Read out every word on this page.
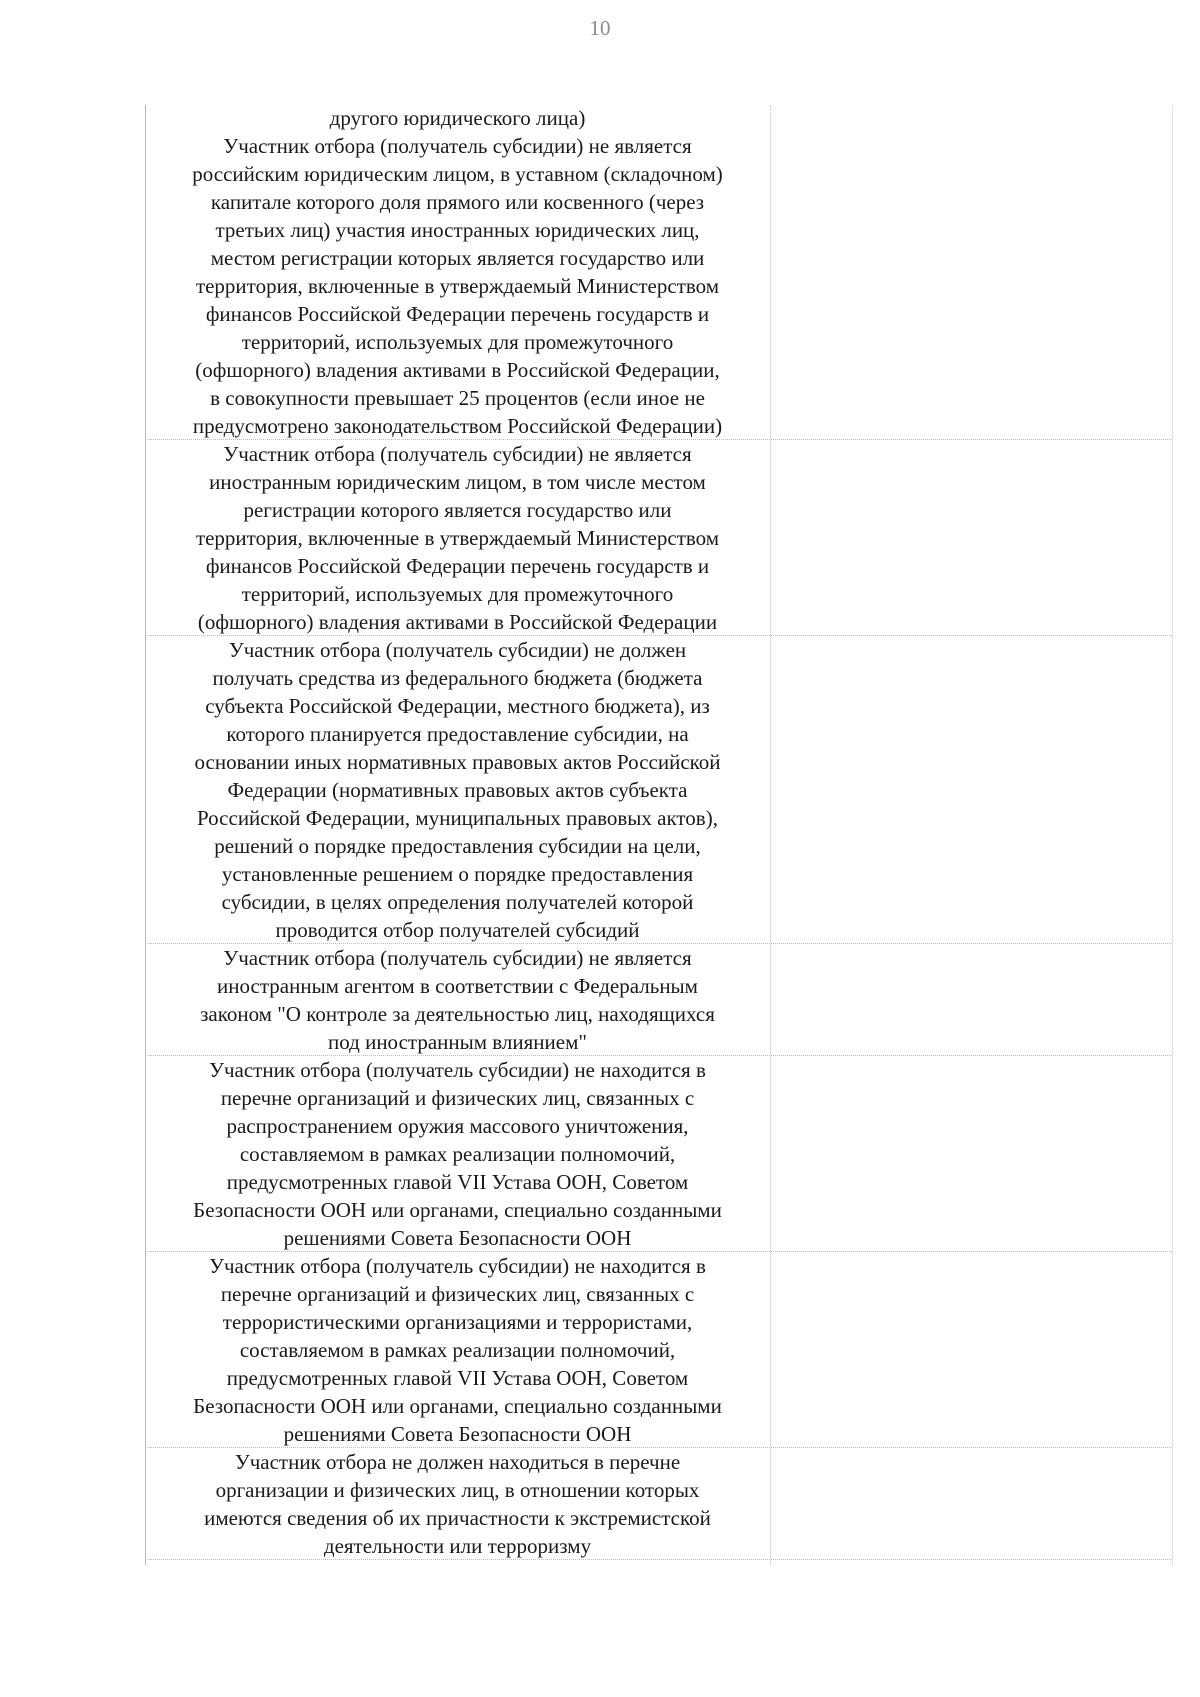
10
другого юридического лица)
Участник отбора (получатель субсидии) не является
российским юридическим лицом, в уставном (складочном)
капитале которого доля прямого или косвенного (через
третьих лиц) участия иностранных юридических лиц,
местом регистрации которых является государство или
территория, включенные в утверждаемый Министерством
финансов Российской Федерации перечень государств и
территорий, используемых для промежуточного
(офшорного) владения активами в Российской Федерации,
в совокупности превышает 25 процентов (если иное не
предусмотрено законодательством Российской Федерации)
Участник отбора (получатель субсидии) не является
иностранным юридическим лицом, в том числе местом
регистрации которого является государство или
территория, включенные в утверждаемый Министерством
финансов Российской Федерации перечень государств и
территорий, используемых для промежуточного
(офшорного) владения активами в Российской Федерации
Участник отбора (получатель субсидии) не должен
получать средства из федерального бюджета (бюджета
субъекта Российской Федерации, местного бюджета), из
которого планируется предоставление субсидии, на
основании иных нормативных правовых актов Российской
Федерации (нормативных правовых актов субъекта
Российской Федерации, муниципальных правовых актов),
решений о порядке предоставления субсидии на цели,
установленные решением о порядке предоставления
субсидии, в целях определения получателей которой
проводится отбор получателей субсидий
Участник отбора (получатель субсидии) не является
иностранным агентом в соответствии с Федеральным
законом "О контроле за деятельностью лиц, находящихся
под иностранным влиянием"
Участник отбора (получатель субсидии) не находится в
перечне организаций и физических лиц, связанных с
распространением оружия массового уничтожения,
составляемом в рамках реализации полномочий,
предусмотренных главой VII Устава ООН, Советом
Безопасности ООН или органами, специально созданными
решениями Совета Безопасности ООН
Участник отбора (получатель субсидии) не находится в
перечне организаций и физических лиц, связанных с
террористическими организациями и террористами,
составляемом в рамках реализации полномочий,
предусмотренных главой VII Устава ООН, Советом
Безопасности ООН или органами, специально созданными
решениями Совета Безопасности ООН
Участник отбора не должен находиться в перечне
организации и физических лиц, в отношении которых
имеются сведения об их причастности к экстремистской
деятельности или терроризму
